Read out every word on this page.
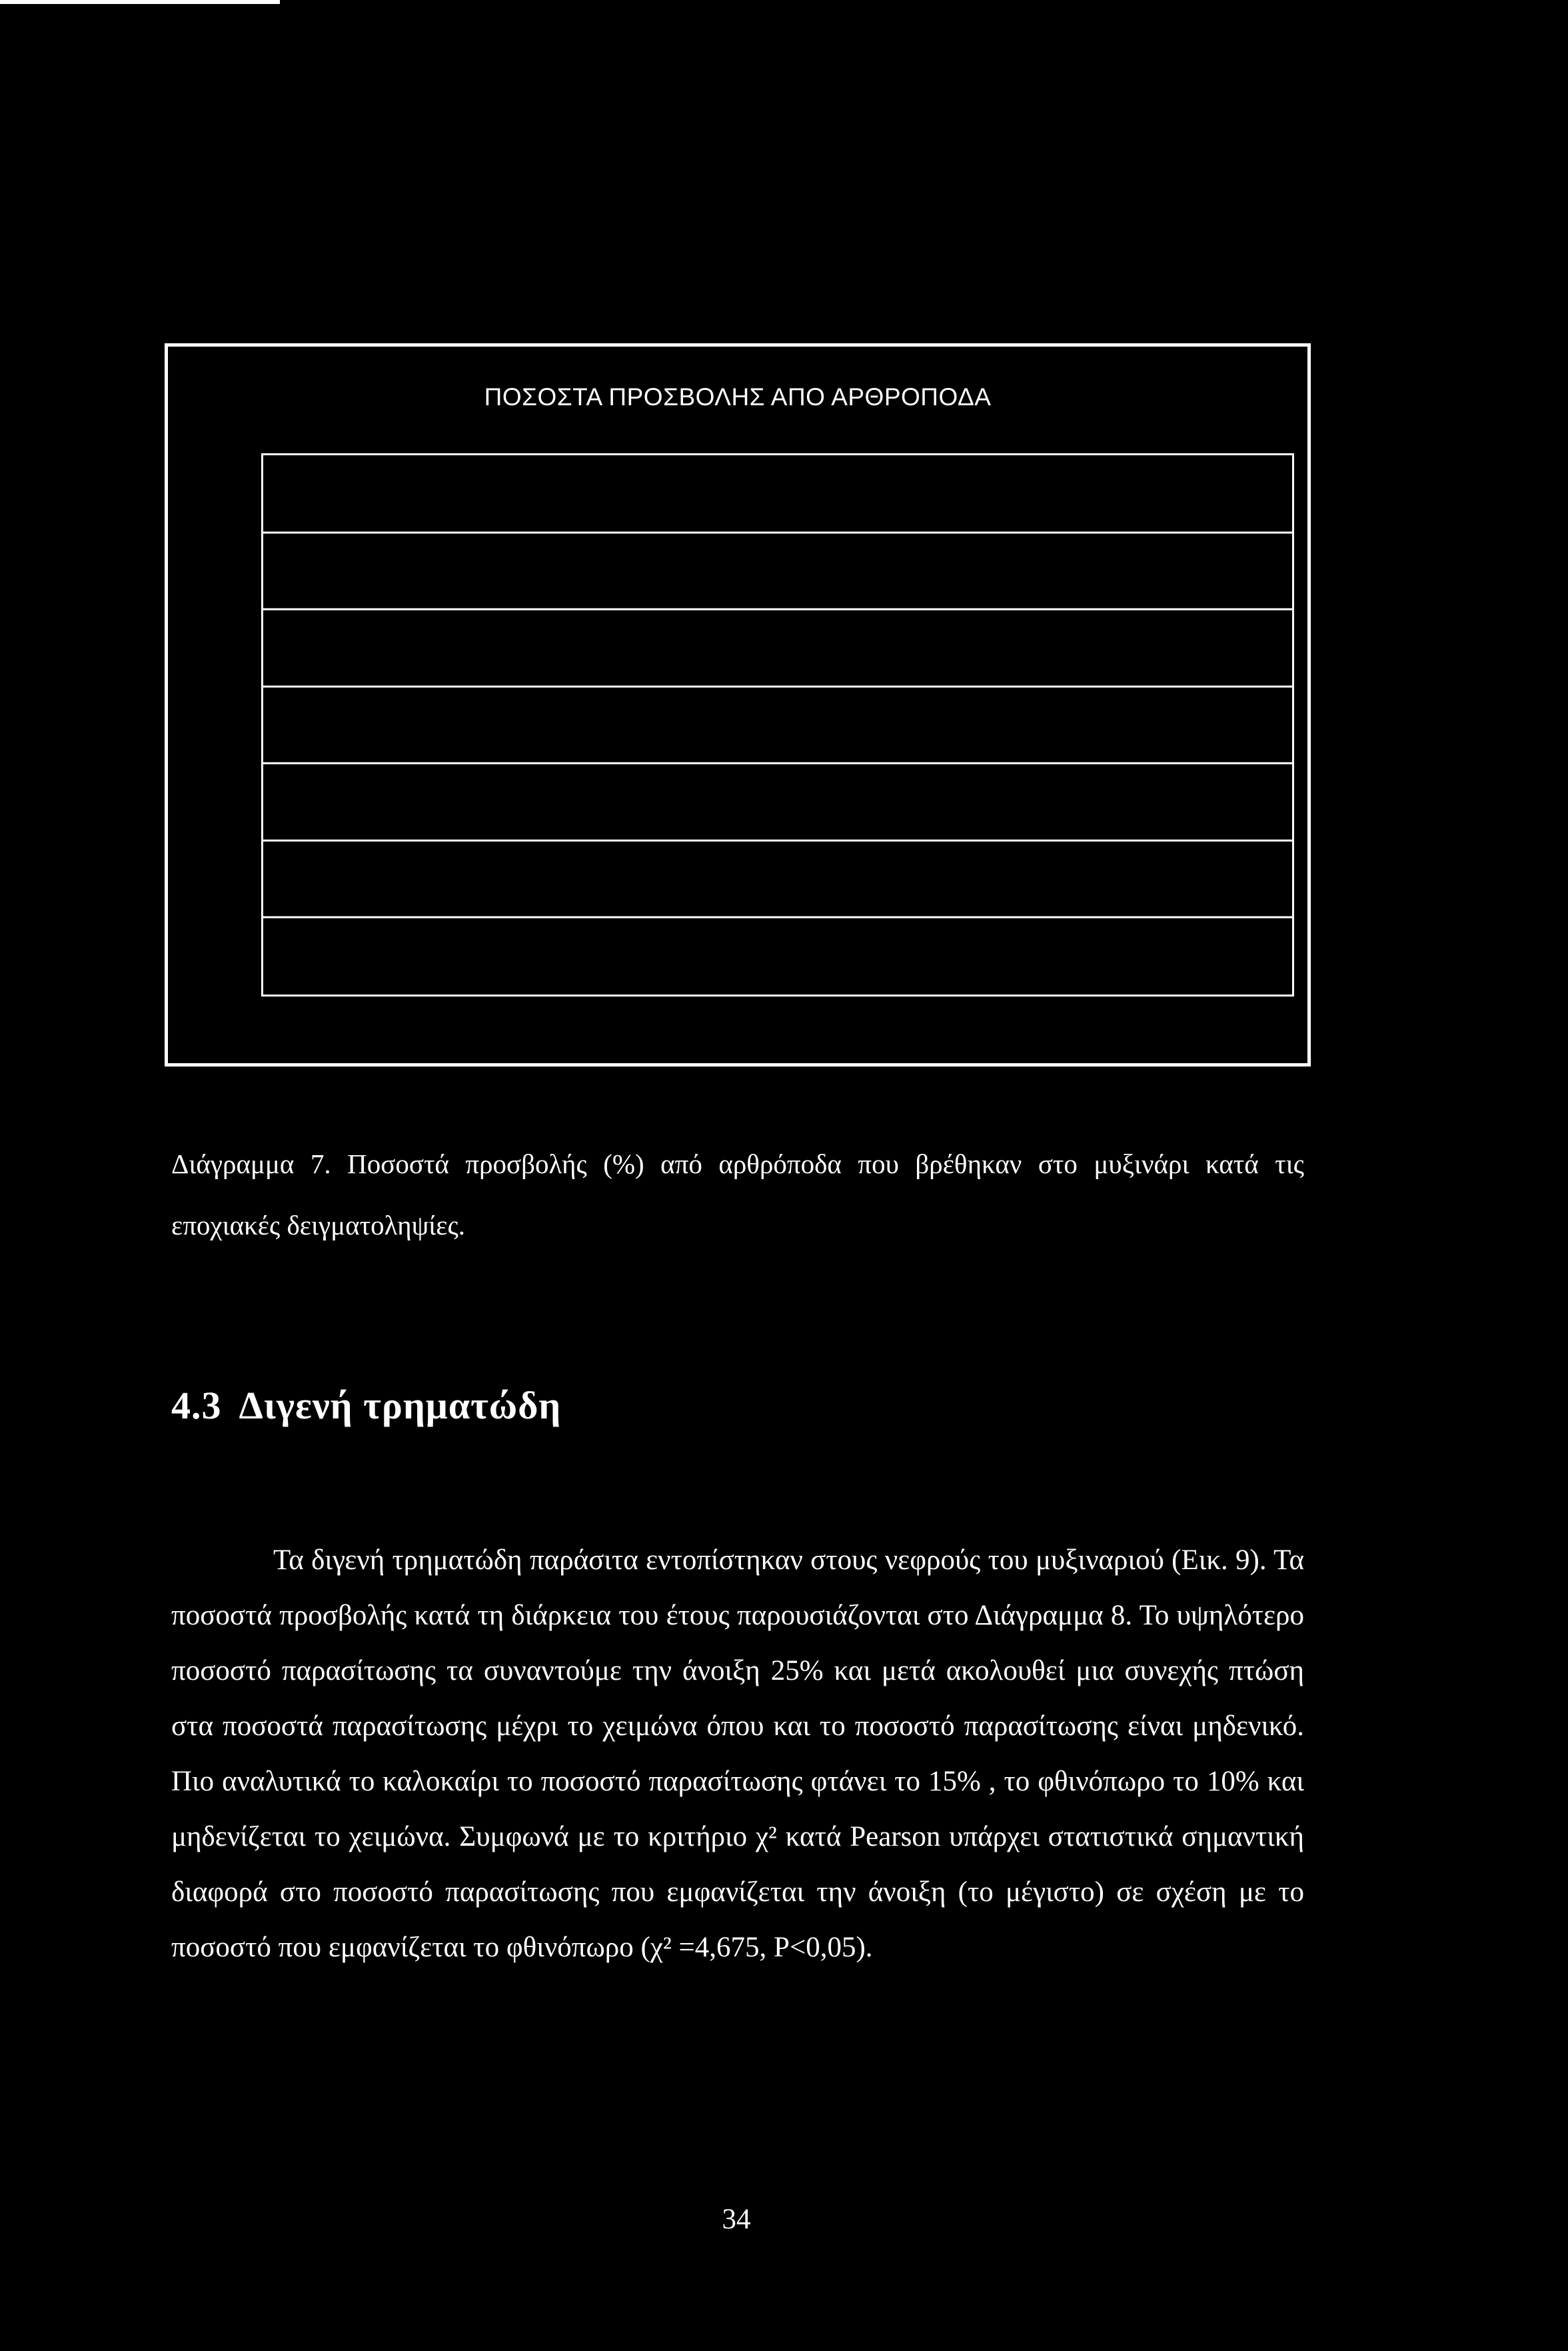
ΠΟΣΟΣΤΑ ΠΡΟΣΒΟΛΗΣ ΑΠΟ ΑΡΘΡΟΠΟΔΑ
Διάγραμμα 7. Ποσοστά προσβολής (%) από αρθρόποδα που βρέθηκαν στο μυξινάρι κατά τις εποχιακές δειγματοληψίες.
4.3 Διγενή τρηματώδη
Τα διγενή τρηματώδη παράσιτα εντοπίστηκαν στους νεφρούς του μυξιναριού (Εικ. 9). Τα ποσοστά προσβολής κατά τη διάρκεια του έτους παρουσιάζονται στο Διάγραμμα 8. Το υψηλότερο ποσοστό παρασίτωσης τα συναντούμε την άνοιξη 25% και μετά ακολουθεί μια συνεχής πτώση στα ποσοστά παρασίτωσης μέχρι το χειμώνα όπου και το ποσοστό παρασίτωσης είναι μηδενικό. Πιο αναλυτικά το καλοκαίρι το ποσοστό παρασίτωσης φτάνει το 15% , το φθινόπωρο το 10% και μηδενίζεται το χειμώνα. Συμφωνά με το κριτήριο χ² κατά Pearson υπάρχει στατιστικά σημαντική διαφορά στο ποσοστό παρασίτωσης που εμφανίζεται την άνοιξη (το μέγιστο) σε σχέση με το ποσοστό που εμφανίζεται το φθινόπωρο (χ² =4,675, P<0,05).
34
